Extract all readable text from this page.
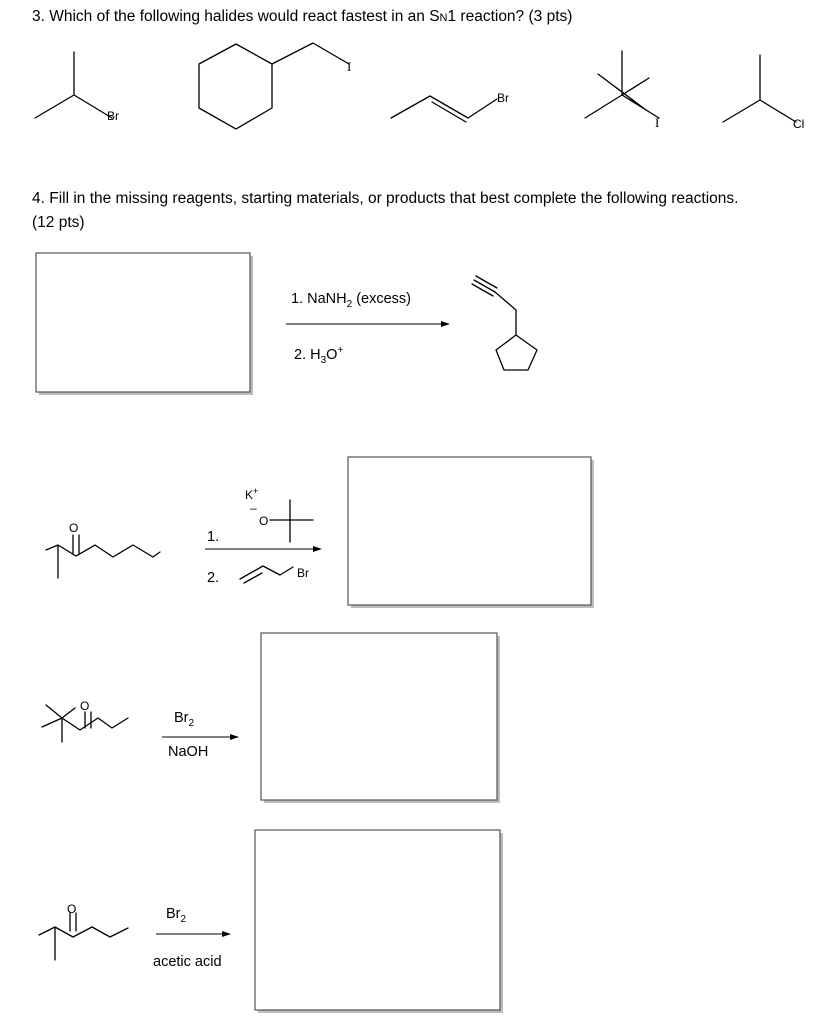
3. Which of the following halides would react fastest in an SN1 reaction? (3 pts)
4. Fill in the missing reagents, starting materials, or products that best complete the following reactions.
(12 pts)
Br
I
Br
I	Cl
1. NaNH$_2$ (excess)
2. $H_3O^+$
O
1.
2.
K+
–
O
Br
O
$Br_2$
NaOH
O	$Br_2$
acetic acid
